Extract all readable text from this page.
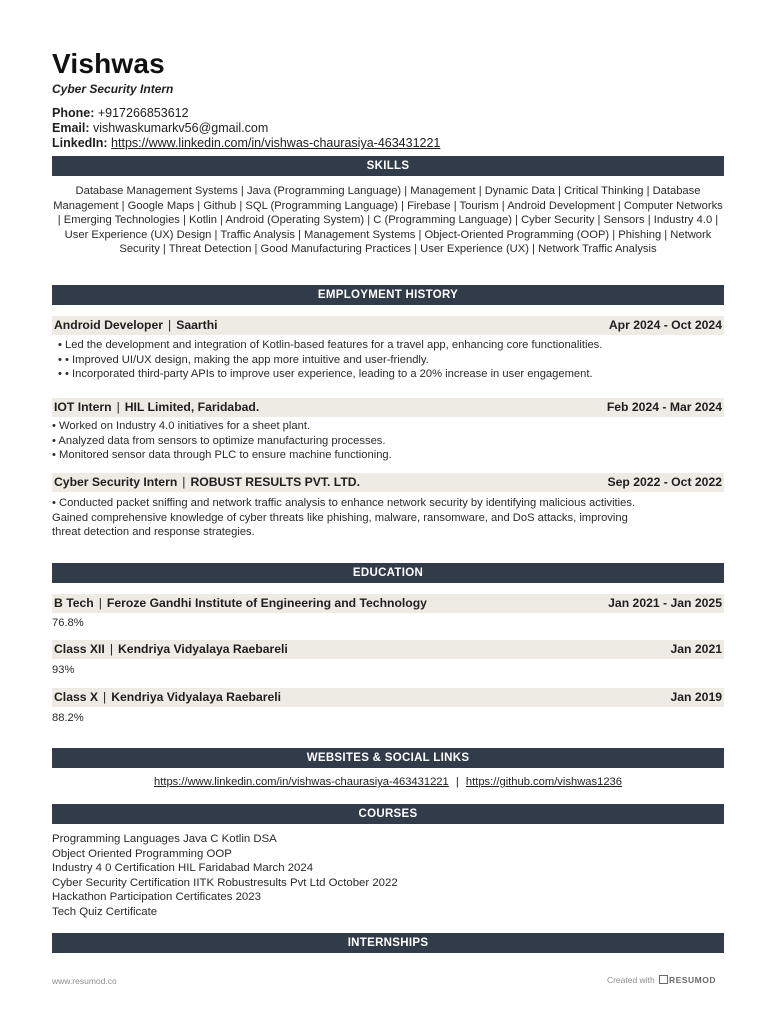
Vishwas
Cyber Security Intern
Phone: +917266853612
Email: vishwaskumarkv56@gmail.com
LinkedIn: https://www.linkedin.com/in/vishwas-chaurasiya-463431221
SKILLS
Database Management Systems | Java (Programming Language) | Management | Dynamic Data | Critical Thinking | Database Management | Google Maps | Github | SQL (Programming Language) | Firebase | Tourism | Android Development | Computer Networks | Emerging Technologies | Kotlin | Android (Operating System) | C (Programming Language) | Cyber Security | Sensors | Industry 4.0 | User Experience (UX) Design | Traffic Analysis | Management Systems | Object-Oriented Programming (OOP) | Phishing | Network Security | Threat Detection | Good Manufacturing Practices | User Experience (UX) | Network Traffic Analysis
EMPLOYMENT HISTORY
Android Developer | Saarthi	Apr 2024 - Oct 2024
• Led the development and integration of Kotlin-based features for a travel app, enhancing core functionalities.
• • Improved UI/UX design, making the app more intuitive and user-friendly.
• • Incorporated third-party APIs to improve user experience, leading to a 20% increase in user engagement.
IOT Intern | HIL Limited, Faridabad.	Feb 2024 - Mar 2024
• Worked on Industry 4.0 initiatives for a sheet plant.
• Analyzed data from sensors to optimize manufacturing processes.
• Monitored sensor data through PLC to ensure machine functioning.
Cyber Security Intern | ROBUST RESULTS PVT. LTD.	Sep 2022 - Oct 2022
• Conducted packet sniffing and network traffic analysis to enhance network security by identifying malicious activities.
Gained comprehensive knowledge of cyber threats like phishing, malware, ransomware, and DoS attacks, improving
threat detection and response strategies.
EDUCATION
B Tech | Feroze Gandhi Institute of Engineering and Technology	Jan 2021 - Jan 2025
76.8%
Class XII | Kendriya Vidyalaya Raebareli	Jan 2021
93%
Class X | Kendriya Vidyalaya Raebareli	Jan 2019
88.2%
WEBSITES & SOCIAL LINKS
https://www.linkedin.com/in/vishwas-chaurasiya-463431221 | https://github.com/vishwas1236
COURSES
Programming Languages Java C Kotlin DSA
Object Oriented Programming OOP
Industry 4 0 Certification HIL Faridabad March 2024
Cyber Security Certification IITK Robustresults Pvt Ltd October 2022
Hackathon Participation Certificates 2023
Tech Quiz Certificate
INTERNSHIPS
www.resumod.co	Created with RESUMOD
